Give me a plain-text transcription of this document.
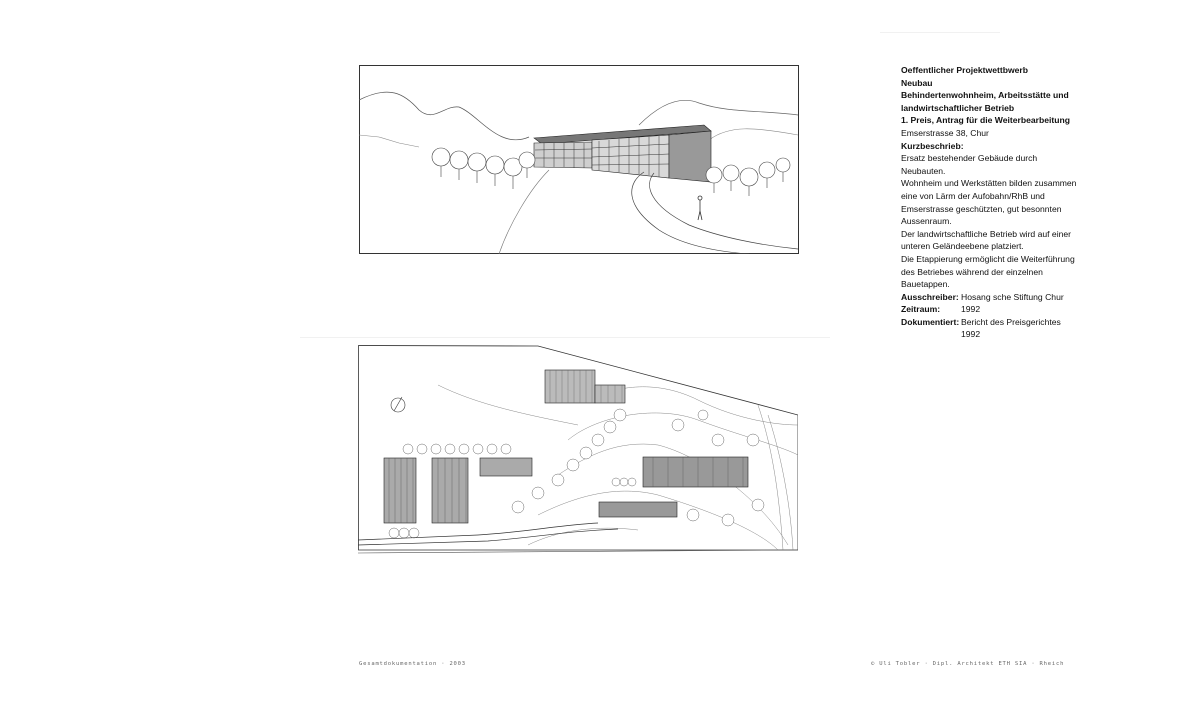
Oeffentlicher Projektwettbwerb

Neubau

Behindertenwohnheim, Arbeitsstätte und

landwirtschaftlicher Betrieb

1. Preis, Antrag für die Weiterbearbeitung

Emserstrasse 38, Chur

Kurzbeschrieb:

Ersatz bestehender Gebäude durch

Neubauten.

Wohnheim und Werkstätten bilden zusammen

eine von Lärm der Aufobahn/RhB und

Emserstrasse geschützten, gut besonnten

Aussenraum.

Der landwirtschaftliche Betrieb wird auf einer

unteren Geländeebene platziert.

Die Etappierung ermöglicht die Weiterführung

des Betriebes während der einzelnen

Bauetappen.

Ausschreiber: Hosang sche Stiftung Chur
Zeitraum:	1992
Dokumentiert: Bericht des Preisgerichtes
1992
Gesamtdokumentation · 2003	© Uli Tobler · Dipl. Architekt ETH SIA · Rheich
